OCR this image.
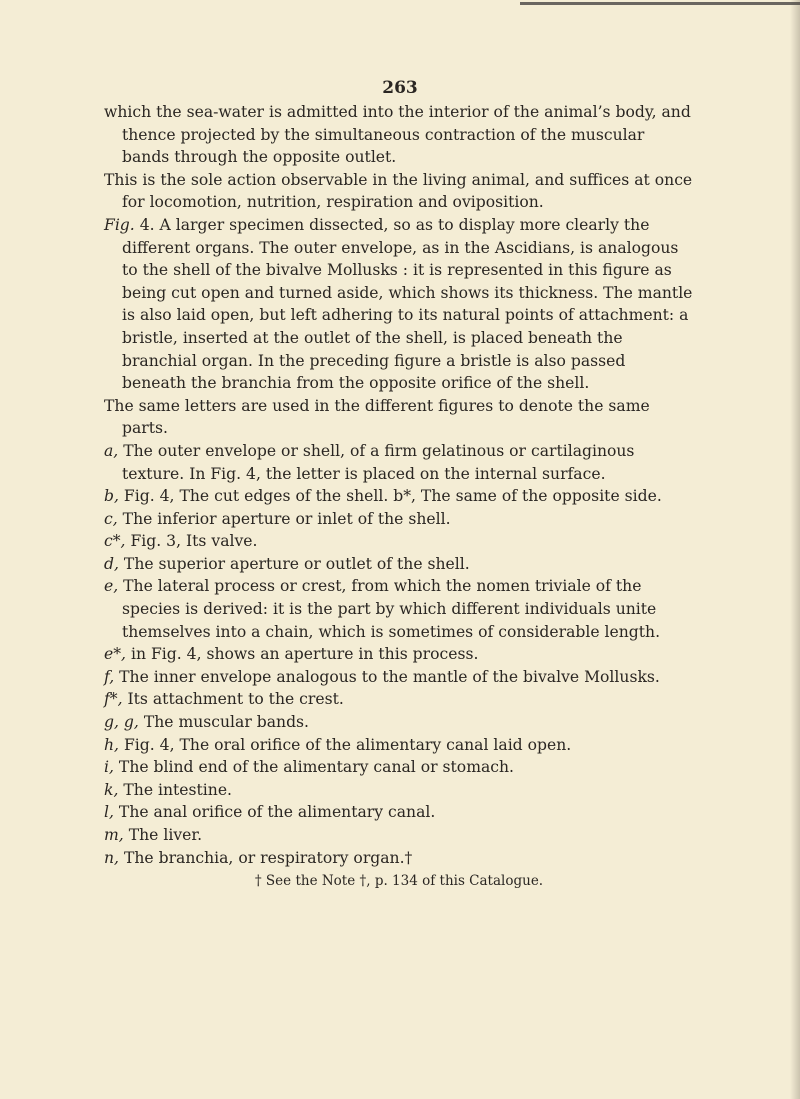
263

which the sea-water is admitted into the interior of the animal’s body, and thence projected by the simultaneous contraction of the muscular bands through the opposite outlet.

This is the sole action observable in the living animal, and suffices at once for locomotion, nutrition, respiration and oviposition.

Fig. 4. A larger specimen dissected, so as to display more clearly the different organs. The outer envelope, as in the Ascidians, is analogous to the shell of the bivalve Mollusks : it is represented in this figure as being cut open and turned aside, which shows its thickness. The mantle is also laid open, but left adhering to its natural points of attachment: a bristle, inserted at the outlet of the shell, is placed beneath the branchial organ. In the preceding figure a bristle is also passed beneath the branchia from the opposite orifice of the shell.

The same letters are used in the different figures to denote the same parts.

a, The outer envelope or shell, of a firm gelatinous or cartilaginous texture. In Fig. 4, the letter is placed on the internal surface.

b, Fig. 4, The cut edges of the shell. b*, The same of the opposite side.

c, The inferior aperture or inlet of the shell.

c*, Fig. 3, Its valve.

d, The superior aperture or outlet of the shell.

e, The lateral process or crest, from which the nomen triviale of the species is derived: it is the part by which different individuals unite themselves into a chain, which is sometimes of considerable length.

e*, in Fig. 4, shows an aperture in this process.

f, The inner envelope analogous to the mantle of the bivalve Mollusks.

f*, Its attachment to the crest.

g, g, The muscular bands.

h, Fig. 4, The oral orifice of the alimentary canal laid open.

i, The blind end of the alimentary canal or stomach.

k, The intestine.

l, The anal orifice of the alimentary canal.

m, The liver.

n, The branchia, or respiratory organ.†

† See the Note †, p. 134 of this Catalogue.
